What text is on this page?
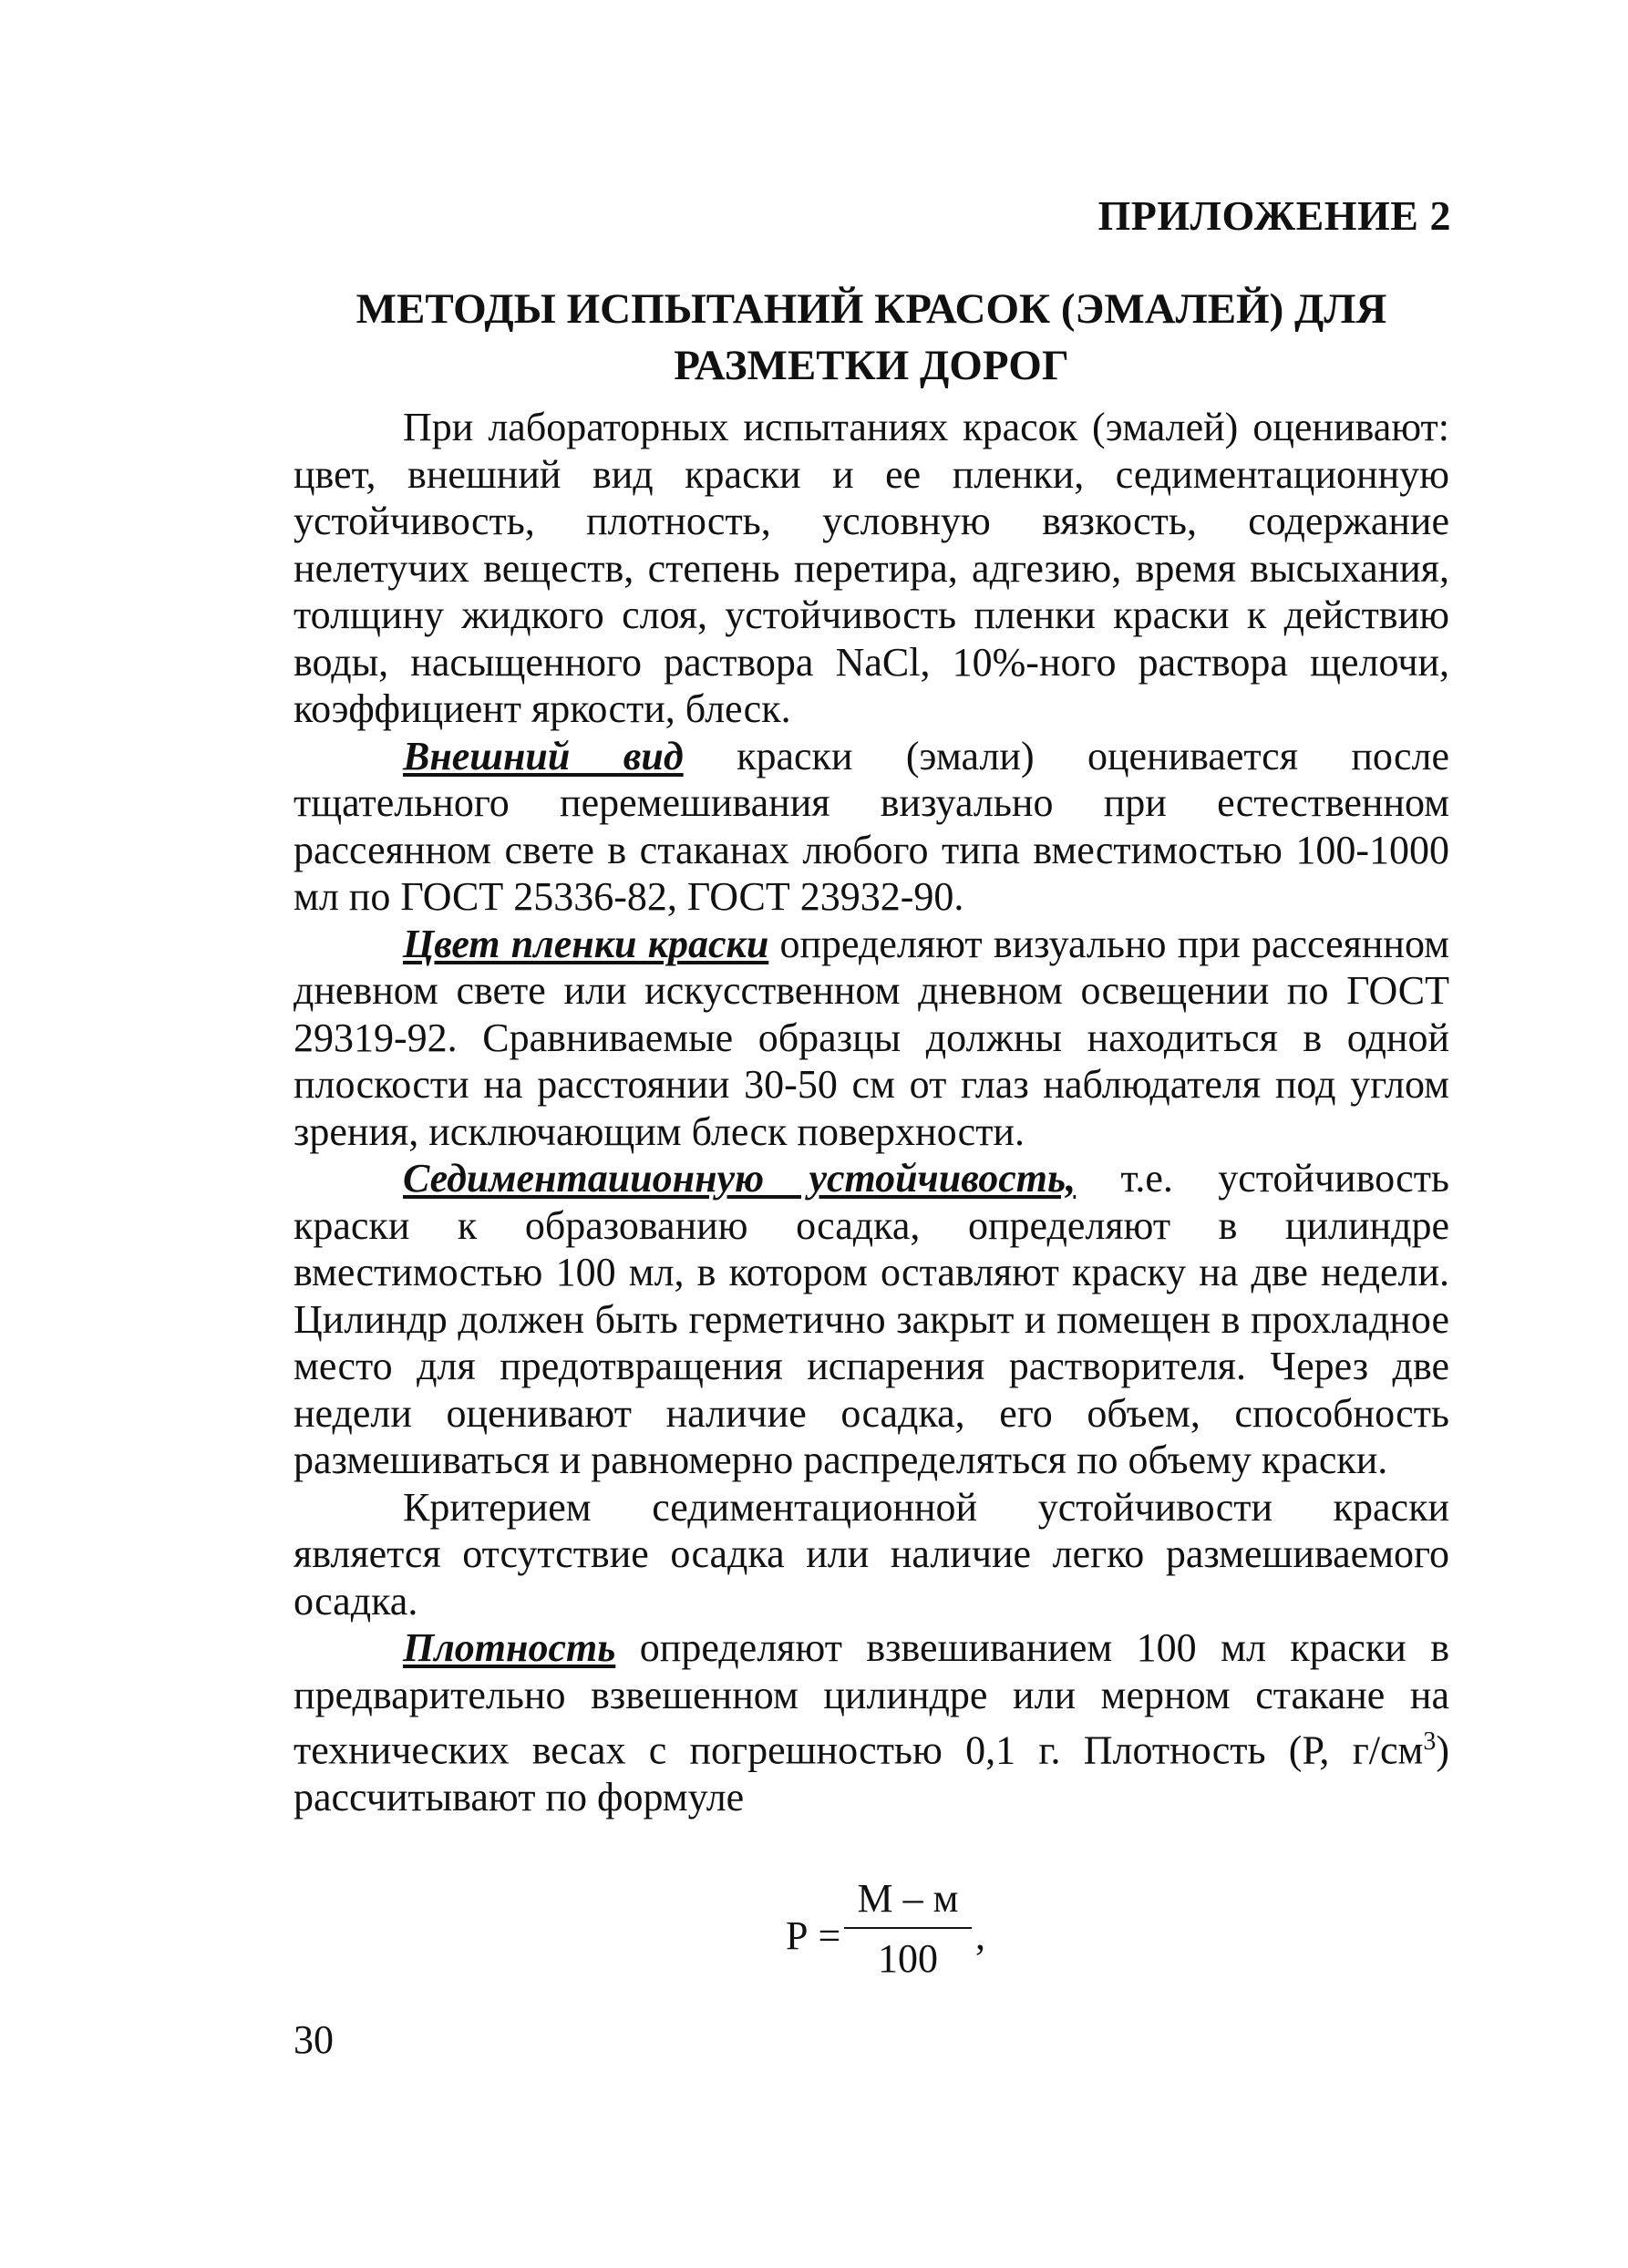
ПРИЛОЖЕНИЕ 2
МЕТОДЫ ИСПЫТАНИЙ КРАСОК (ЭМАЛЕЙ) ДЛЯ
РАЗМЕТКИ ДОРОГ

При лабораторных испытаниях красок (эмалей) оценивают: цвет, внешний вид краски и ее пленки, седиментационную устойчивость, плотность, условную вязкость, содержание нелетучих веществ, степень перетира, адгезию, время высыхания, толщину жидкого слоя, устойчивость пленки краски к действию воды, насыщенного раствора NaCl, 10%-ного раствора щелочи, коэффициент яркости, блеск.

Внешний вид краски (эмали) оценивается после тщательного перемешивания визуально при естественном рассеянном свете в стаканах любого типа вместимостью 100-1000 мл по ГОСТ 25336-82, ГОСТ 23932-90.

Цвет пленки краски определяют визуально при рассеянном дневном свете или искусственном дневном освещении по ГОСТ 29319-92. Сравниваемые образцы должны находиться в одной плоскости на расстоянии 30-50 см от глаз наблюдателя под углом зрения, исключающим блеск поверхности.

Седиментаиионную устойчивость, т.е. устойчивость краски к образованию осадка, определяют в цилиндре вместимостью 100 мл, в котором оставляют краску на две недели. Цилиндр должен быть герметично закрыт и помещен в прохладное место для предотвращения испарения растворителя. Через две недели оценивают наличие осадка, его объем, способность размешиваться и равномерно распределяться по объему краски.

Критерием седиментационной устойчивости краски является отсутствие осадка или наличие легко размешиваемого осадка.

Плотность определяют взвешиванием 100 мл краски в предварительно взвешенном цилиндре или мерном стакане на технических весах с погрешностью 0,1 г. Плотность (Р, $г/см^3$) рассчитывают по формуле

Р =
М – м
100
,
30
